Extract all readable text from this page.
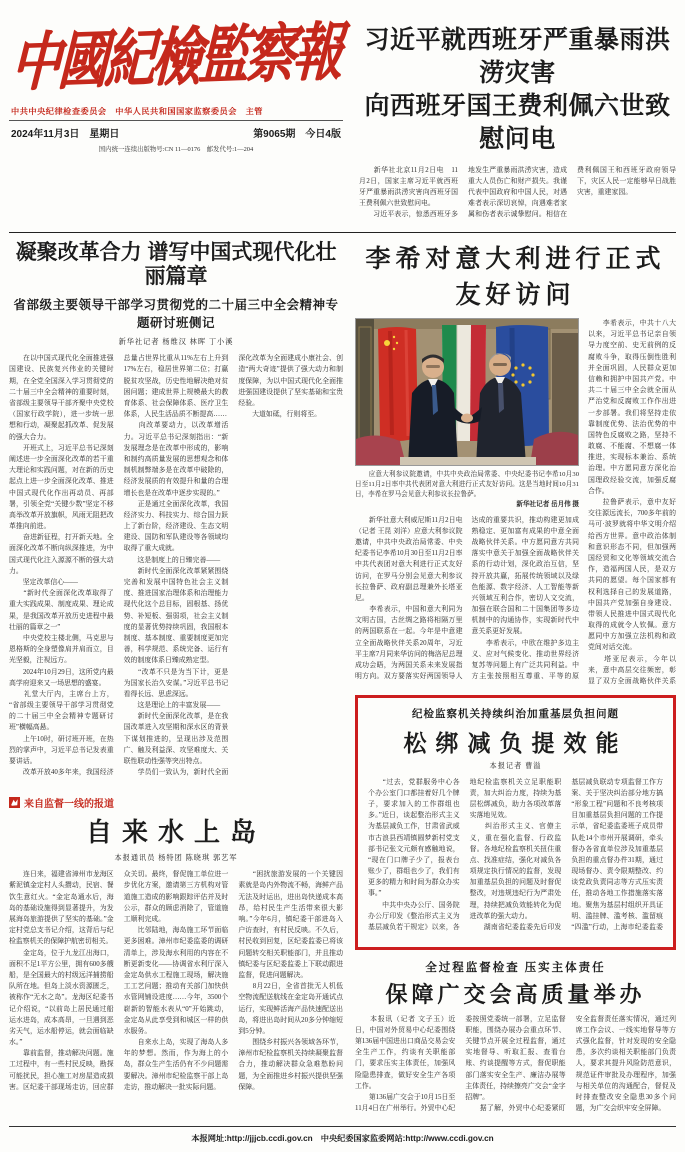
中國紀檢監察報
中共中央纪律检查委员会　中华人民共和国国家监察委员会　主管
2024年11月3日　星期日	第9065期　今日4版
国内统一连续出版物号:CN 11—0176　邮发代号:1—204
习近平就西班牙严重暴雨洪涝灾害
向西班牙国王费利佩六世致慰问电
　　新华社北京11月2日电　11月2日，国家主席习近平就西班牙严重暴雨洪涝灾害向西班牙国王费利佩六世致慰问电。
　　习近平表示，惊悉西班牙多地发生严重暴雨洪涝灾害，造成重大人员伤亡和财产损失。我谨代表中国政府和中国人民，对遇难者表示深切哀悼，向遇难者家属和伤者表示诚挚慰问。相信在费利佩国王和西班牙政府领导下，灾区人民一定能够早日战胜灾害，重建家园。
凝聚改革合力 谱写中国式现代化壮丽篇章
省部级主要领导干部学习贯彻党的二十届三中全会精神专题研讨班侧记
新华社记者 杨维汉 林晖 丁小溪
　　在以中国式现代化全面推进强国建设、民族复兴伟业的关键时期，在全党全国深入学习贯彻党的二十届三中全会精神的重要时刻，省部级主要领导干部齐聚中央党校（国家行政学院），进一步统一思想和行动，凝聚起抓改革、促发展的强大合力。
　　开班式上，习近平总书记深刻阐述进一步全面深化改革的若干重大理论和实践问题，对在新的历史起点上进一步全面深化改革、推进中国式现代化作出再动员、再部署，引领全党“关键少数”坚定不移高举改革开放旗帜，风雨无阻把改革推向前进。
　　奋进新征程，打开新天地。全面深化改革不断向纵深推进，为中国式现代化注入源源不断的强大动力。
　　坚定改革信心——
　　“新时代全面深化改革取得了重大实践成果、制度成果、理论成果，是我国改革开放历史进程中最壮丽的篇章之一”
　　中央党校主楼北侧，马克思与恩格斯的全身塑像肩并肩而立，目光坚毅，注视远方。
　　2024年10月29日，这所党内最高学府迎来又一场思想的盛宴。
　　礼堂大厅内，主席台上方，“省部级主要领导干部学习贯彻党的二十届三中全会精神专题研讨班”横幅高悬。
　　上午10时，研讨班开班，在热烈的掌声中，习近平总书记发表重要讲话。
　　改革开放40多年来，我国经济总量占世界比重从11%左右上升到17%左右，稳居世界第二位；打赢脱贫攻坚战，历史性地解决绝对贫困问题；建成世界上规模最大的教育体系、社会保障体系、医疗卫生体系，人民生活品质不断提高……
　　向改革要动力，以改革增活力。习近平总书记深刻指出：“新发展理念是在改革中形成的，影响和制约高质量发展的思想观念和体制机制弊端多是在改革中破除的，经济发展质的有效提升和量的合理增长也是在改革中逐步实现的。”
　　正是通过全面深化改革，我国经济实力、科技实力、综合国力跃上了新台阶，经济建设、生态文明建设、国防和军队建设等各领域均取得了重大成就。
　　这是制度上的日臻完善——
　　新时代全面深化改革紧紧围绕完善和发展中国特色社会主义制度、推进国家治理体系和治理能力现代化这个总目标，固根基、扬优势、补短板、强弱项，社会主义制度的显著优势持续巩固，我国根本制度、基本制度、重要制度更加完善，科学规范、系统完备、运行有效的制度体系日臻成熟定型。
　　“改革不只是为当下计，更是为国家长治久安谋。”习近平总书记看得长远、思虑深远。
　　这是理论上的丰富发展——
　　新时代全面深化改革，是在我国改革进入攻坚期和深水区的背景下谋划推进的，呈现出涉及范围广、触及利益深、攻坚难度大、关联性联动性强等突出特点。
　　学员们一致认为，新时代全面深化改革为全面建成小康社会、创造“两大奇迹”提供了强大动力和制度保障，为以中国式现代化全面推进强国建设提供了坚实基础和宝贵经验。
　　大道如砥，行则将至。
来自监督一线的报道
自来水上岛
本报通讯员 杨特团 陈晓琪 郭艺军
　　连日来，福建省漳州市龙海区紫泥镇金定村人头攒动，民宿、餐饮生意红火。“金定岛通水后，海岛的基础设施得到显著提升，为发展海岛旅游提供了坚实的基础。”金定村党总支书记介绍，这背后与纪检监察机关的保障护航密切相关。
　　金定岛，位于九龙江出海口，面积不足1平方公里，拥有600多艘船，是全国最大的村级远洋捕捞船队所在地。但岛上淡水资源匮乏，被称作“无水之岛”。龙海区纪委书记介绍说，“以前岛上居民通过船运水进岛，成本高昂，一旦遇到恶劣天气，运水船停运，就会面临缺水。”
　　靠前监督，推动解决问题。施工过程中，有一些村民反映，勘探可能扰民，担心施工对房屋造成损害。区纪委干部现场走访，回应群众关切。最终，督促施工单位进一步优化方案，邀请第三方机构对管道施工造成的影响跟踪评估并及时公示，群众的顾虑消除了，管道施工顺利完成。
　　比邻陆地，海岛施工环节面临更多困难。漳州市纪委监委的调研清单上，涉及海水利用的内容在不断更新变化——协调省水利厅深入金定岛供水工程施工现场，解决施工工艺问题；推动有关部门加快供水管网铺设进度……今年，3500个崭新的智能水表从“0”开始跳动，金定岛从此享受到和城区一样的供水服务。
　　自来水上岛，实现了海岛人多年的梦想。然而，作为海上的小岛，群众生产生活仍有不少问题需要解决。漳州市纪检监察干部上岛走访，推动解决一批实际问题。
　　“困扰旅游发展的一个关键因素就是岛内外物流不畅，海鲜产品无法及时运出，进出岛快递成本高昂，给村民生产生活带来很大影响。”今年6月，镇纪委干部进岛入户访查时，有村民反映。不久后，村民收到回复，区纪委监委已将该问题转交相关职能部门，并且推动镇纪委与区纪委监委上下联动跟进监督，促进问题解决。
　　8月22日，全省首批无人机低空物流配送航线在金定岛开通试点运行，实现鲜活海产品快速配送出岛，将进出岛时间从20多分钟缩短到5分钟。
　　围绕乡村振兴各领域各环节，漳州市纪检监察机关持续凝聚监督合力，推动解决群众急难愁盼问题，为全面推进乡村振兴提供坚强保障。
李希对意大利进行正式友好访问
　　应意大利参议院邀请，中共中央政治局常委、中央纪委书记李希10月30日至11月2日率中共代表团对意大利进行正式友好访问。这是当地时间10月31日，李希在罗马会见意大利参议长拉鲁萨。　
新华社记者 岳月伟 摄
　　新华社意大利威尼斯11月2日电（记者 王昆 刘洋）应意大利参议院邀请，中共中央政治局常委、中央纪委书记李希10月30日至11月2日率中共代表团对意大利进行正式友好访问，在罗马分别会见意大利参议长拉鲁萨、政府副总理兼外长塔亚尼。
　　李希表示，中国和意大利同为文明古国，古丝绸之路将相隔万里的两国联系在一起。今年是中意建立全面战略伙伴关系20周年，习近平主席7月同来华访问的梅洛尼总理成功会晤，为两国关系未来发展指明方向。双方要落实好两国领导人达成的重要共识，推动构建更加成熟稳定、更加富有成果的中意全面战略伙伴关系。中方愿同意方共同落实中意关于加强全面战略伙伴关系的行动计划，深化政治互信，坚持开放共赢，拓展传统领域以及绿色能源、数字经济、人工智能等新兴领域互利合作，密切人文交流，加强在联合国和二十国集团等多边机制中的沟通协作，实现新时代中意关系更好发展。
　　李希表示，中欧在维护多边主义、应对气候变化、推动世界经济复苏等问题上有广泛共同利益。中方主张按照相互尊重、平等的原
　　李希表示，中共十八大以来，习近平总书记亲自领导力度空前、史无前例的反腐败斗争，取得压倒性胜利并全面巩固，人民群众更加信赖和拥护中国共产党。中共二十届三中全会就全面从严治党和反腐败工作作出进一步部署。我们将坚持走依靠制度优势、法治优势的中国特色反腐败之路，坚持不敢腐、不能腐、不想腐一体推进，实现标本兼治、系统治理。中方愿同意方深化治国理政经验交流，加强反腐合作。
　　拉鲁萨表示，意中友好交往源远流长，700多年前的马可·波罗就将中华文明介绍给西方世界。意中政治体制和意识形态不同，但加强两国经贸和文化等领域交流合作，造福两国人民，是双方共同的愿望。每个国家都有权利选择自己的发展道路，中国共产党加强自身建设、带领人民推进中国式现代化取得的成就令人钦佩。意方愿同中方加强立法机构和政党间对话交流。
　　塔亚尼表示，今年以来，意中高层交往频密，彰显了双方全面战略伙伴关系

纪检监察机关持续纠治加重基层负担问题
松绑减负提效能
本报记者 曹溢
　　“过去，党群服务中心各个办公室门口都挂着好几个牌子，要求加入的工作群组也多。”近日，谈起整治形式主义为基层减负工作，甘肃省武威市古浪县西靖镇圆梦新村党支部书记张文元颇有感触地说，“现在门口牌子少了，报表台账少了，群组也少了，我们有更多的精力和时间为群众办实事。”
　　中共中央办公厅、国务院办公厅印发《整治形式主义为基层减负若干规定》以来，各地纪检监察机关立足职能职责，加大纠治力度，持续为基层松绑减负，助力各项改革落实落地见效。
　　纠治形式主义、官僚主义，重在强化监督、行政监督。各地纪检监察机关扭住重点、找准症结，强化对减负各项规定执行情况的监督，发现加重基层负担的问题及时督促整改，对违规违纪行为严肃处理，持续把减负效能转化为促进改革的强大动力。
　　湖南省纪委监委先后印发基层减负联动专项监督工作方案、关于坚决纠治部分地方搞“形象工程”问题和不良考核项目加重基层负担问题的工作提示单，省纪委监委班子成员带队赴14个市州开展调研，牵头督办各省直单位涉及加重基层负担的重点督办件31期，通过现场督办、责令限期整改、约谈党政负责同志等方式压实责任，推动各地工作措施落实落地。聚焦为基层村组织开具证明、滥挂牌、滥考核、滥留痕“四滥”行动，上海市纪委监委

全过程监督检查 压实主体责任
保障广交会高质量举办
　　本报讯（记者 文子玉）近日，中国对外贸易中心纪委围绕第136届中国进出口商品交易会安全生产工作，约谈有关职能部门，要求压实主体责任，加强风险隐患排查，做好安全生产各项工作。
　　第136届广交会于10月15日至11月4日在广州举行。外贸中心纪委按照党委统一部署，立足监督职能，围绕办展办会重点环节、关键节点开展全过程监督，通过实地督导、听取汇报、查看台账、约谈提醒等方式，督促职能部门落实安全生产、廉洁办展等主体责任，持续擦亮广交会“金字招牌”。
　　据了解，外贸中心纪委紧盯安全监督责任落实情况，通过列席工作会议、一线实地督导等方式强化监督，针对发现的安全隐患，多次约谈相关职能部门负责人，要求其提升风险防范意识，规范证件审批及办理程序，加强与相关单位的沟通配合，督促及时排查整改安全隐患30多个问题，为广交会织牢安全屏障。

本报网址:http://jjjcb.ccdi.gov.cn　中央纪委国家监委网站:http://www.ccdi.gov.cn
